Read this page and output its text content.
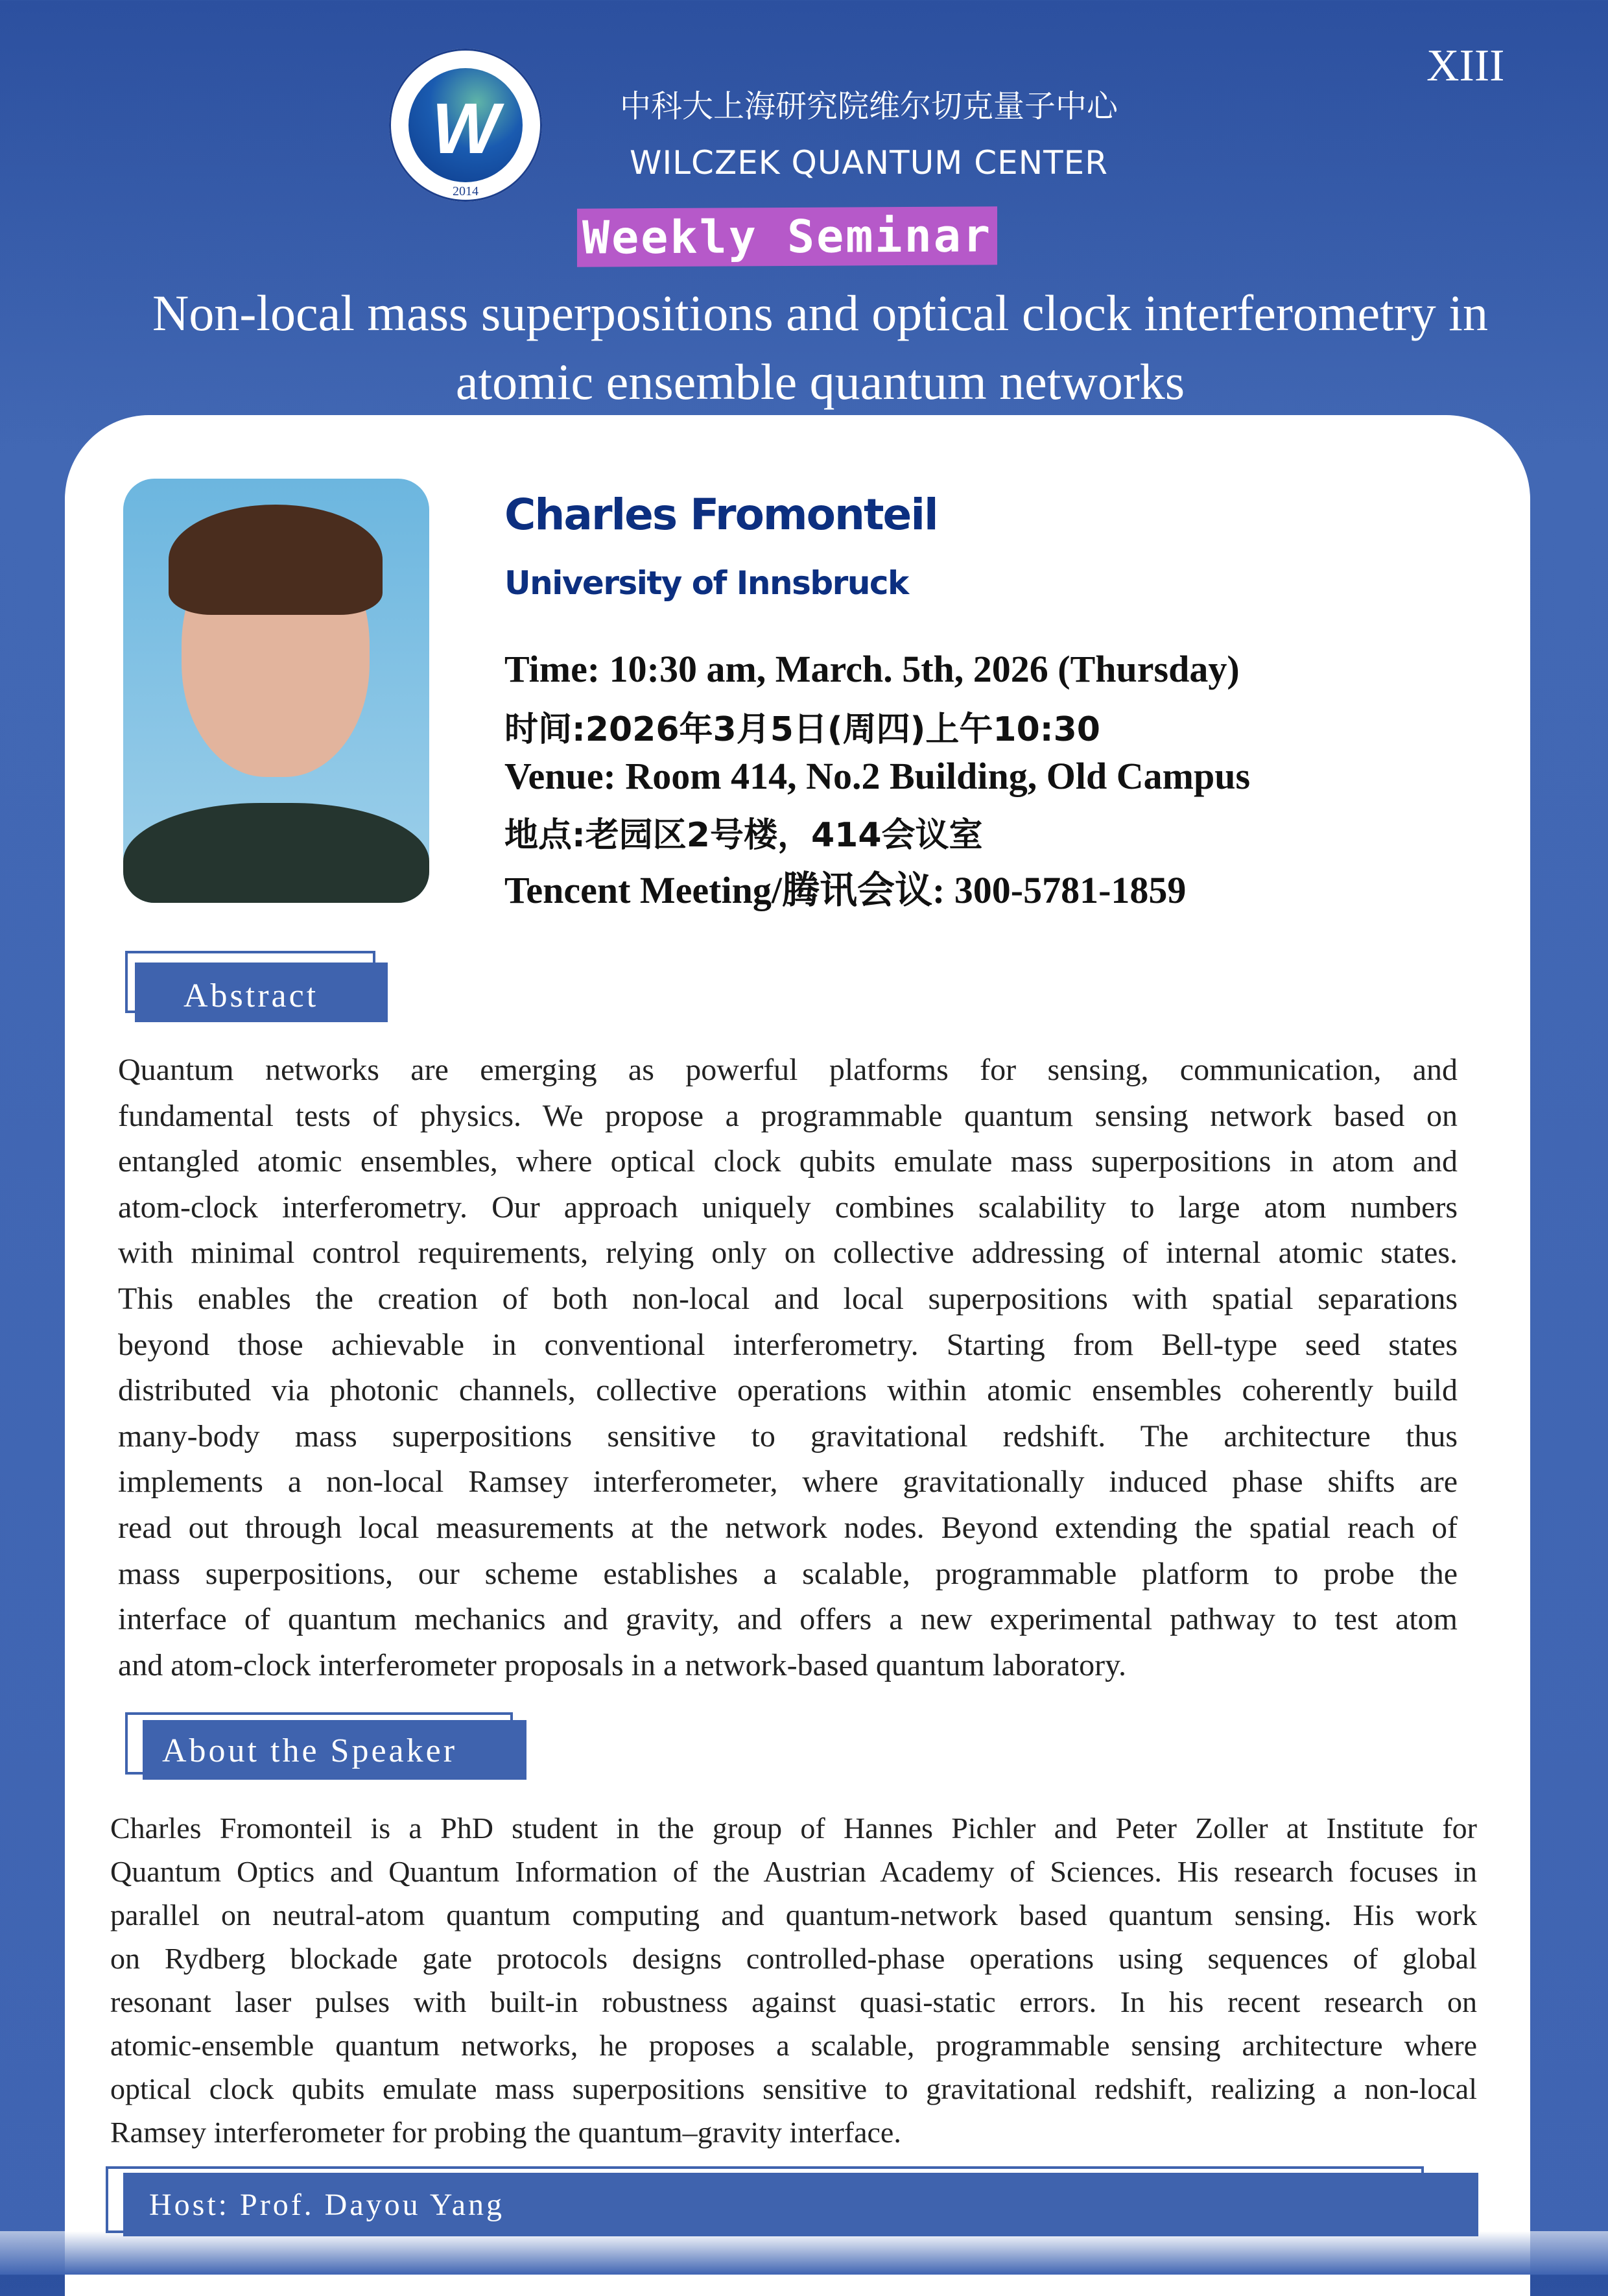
W
2014
中科大上海研究院维尔切克量子中心
WILCZEK QUANTUM CENTER
XIII
Weekly Seminar
Non-local mass superpositions and optical clock interferometry in
atomic ensemble quantum networks
Charles Fromonteil
University of Innsbruck
Time: 10:30 am, March. 5th, 2026 (Thursday)
时间:2026年3月5日(周四)上午10:30
Venue: Room 414, No.2 Building, Old Campus
地点:老园区2号楼，414会议室
Tencent Meeting/腾讯会议: 300-5781-1859
Abstract
Quantum networks are emerging as powerful platforms for sensing, communication, and
fundamental tests of physics. We propose a programmable quantum sensing network based on
entangled atomic ensembles, where optical clock qubits emulate mass superpositions in atom and
atom-clock interferometry. Our approach uniquely combines scalability to large atom numbers
with minimal control requirements, relying only on collective addressing of internal atomic states.
This enables the creation of both non-local and local superpositions with spatial separations
beyond those achievable in conventional interferometry. Starting from Bell-type seed states
distributed via photonic channels, collective operations within atomic ensembles coherently build
many-body mass superpositions sensitive to gravitational redshift. The architecture thus
implements a non-local Ramsey interferometer, where gravitationally induced phase shifts are
read out through local measurements at the network nodes. Beyond extending the spatial reach of
mass superpositions, our scheme establishes a scalable, programmable platform to probe the
interface of quantum mechanics and gravity, and offers a new experimental pathway to test atom
and atom-clock interferometer proposals in a network-based quantum laboratory.
About the Speaker
Charles Fromonteil is a PhD student in the group of Hannes Pichler and Peter Zoller at Institute for
Quantum Optics and Quantum Information of the Austrian Academy of Sciences. His research focuses in
parallel on neutral-atom quantum computing and quantum-network based quantum sensing. His work
on Rydberg blockade gate protocols designs controlled-phase operations using sequences of global
resonant laser pulses with built-in robustness against quasi-static errors. In his recent research on
atomic-ensemble quantum networks, he proposes a scalable, programmable sensing architecture where
optical clock qubits emulate mass superpositions sensitive to gravitational redshift, realizing a non-local
Ramsey interferometer for probing the quantum–gravity interface.
Host: Prof. Dayou Yang
